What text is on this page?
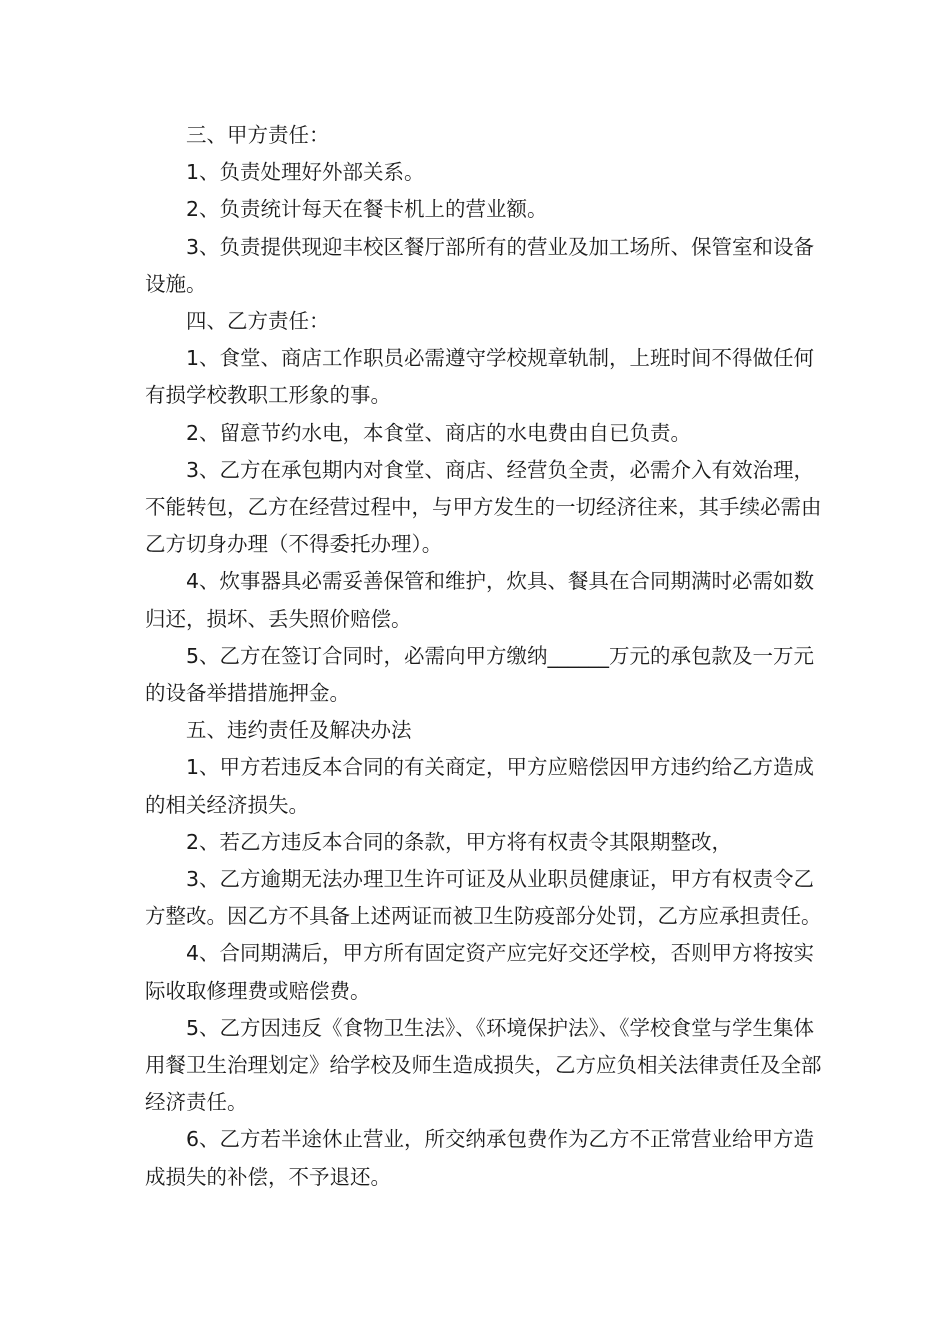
三、甲方责任：

1、负责处理好外部关系。

2、负责统计每天在餐卡机上的营业额。

3、负责提供现迎丰校区餐厅部所有的营业及加工场所、保管室和设备设施。

四、乙方责任：

1、食堂、商店工作职员必需遵守学校规章轨制，上班时间不得做任何有损学校教职工形象的事。

2、留意节约水电，本食堂、商店的水电费由自已负责。

3、乙方在承包期内对食堂、商店、经营负全责，必需介入有效治理，不能转包，乙方在经营过程中，与甲方发生的一切经济往来，其手续必需由乙方切身办理（不得委托办理）。

4、炊事器具必需妥善保管和维护，炊具、餐具在合同期满时必需如数归还，损坏、丢失照价赔偿。

5、乙方在签订合同时，必需向甲方缴纳______万元的承包款及一万元的设备举措措施押金。

五、违约责任及解决办法

1、甲方若违反本合同的有关商定，甲方应赔偿因甲方违约给乙方造成的相关经济损失。

2、若乙方违反本合同的条款，甲方将有权责令其限期整改，

3、乙方逾期无法办理卫生许可证及从业职员健康证，甲方有权责令乙方整改。因乙方不具备上述两证而被卫生防疫部分处罚，乙方应承担责任。

4、合同期满后，甲方所有固定资产应完好交还学校，否则甲方将按实际收取修理费或赔偿费。

5、乙方因违反《食物卫生法》、《环境保护法》、《学校食堂与学生集体用餐卫生治理划定》给学校及师生造成损失，乙方应负相关法律责任及全部经济责任。

6、乙方若半途休止营业，所交纳承包费作为乙方不正常营业给甲方造成损失的补偿，不予退还。
